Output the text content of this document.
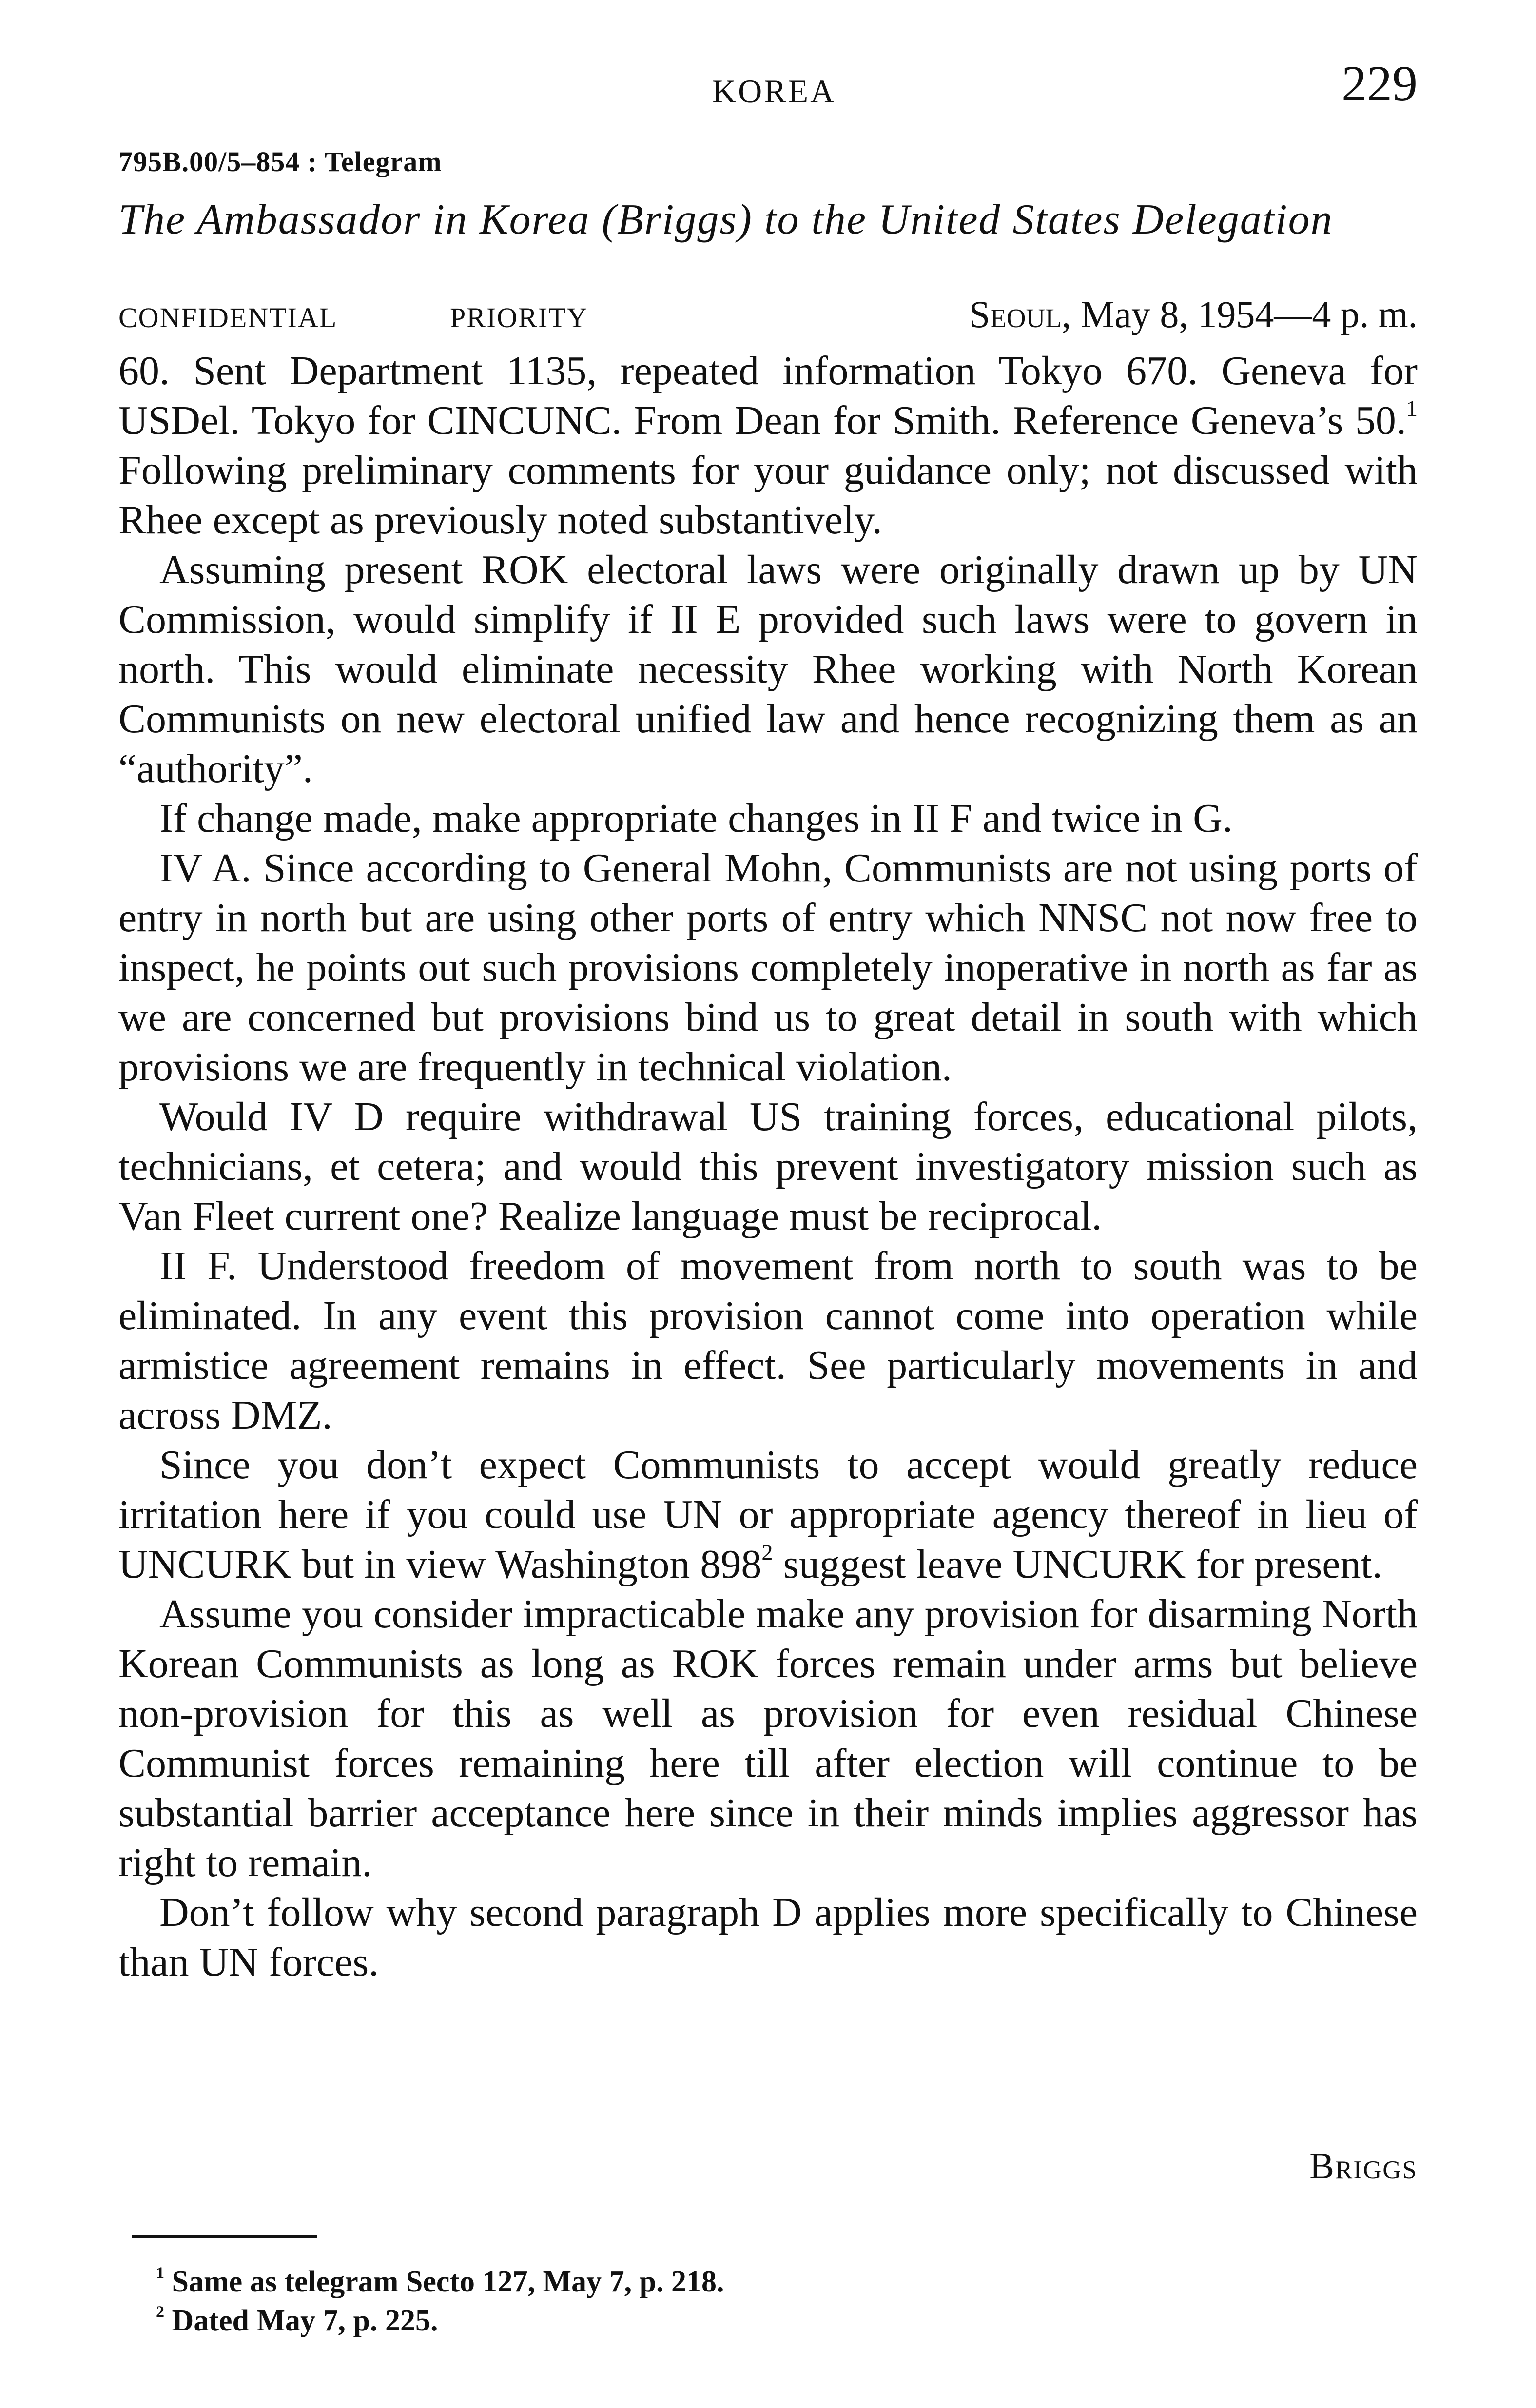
KOREA	229
795B.00/5–854 : Telegram
The Ambassador in Korea (Briggs) to the United States Delegation
CONFIDENTIAL	PRIORITY	Seoul, May 8, 1954—4 p. m.

60. Sent Department 1135, repeated information Tokyo 670. Geneva for USDel. Tokyo for CINCUNC. From Dean for Smith. Reference Geneva’s 50.$^1$ Following preliminary comments for your guidance only; not discussed with Rhee except as previously noted substantively.

Assuming present ROK electoral laws were originally drawn up by UN Commission, would simplify if II E provided such laws were to govern in north. This would eliminate necessity Rhee working with North Korean Communists on new electoral unified law and hence recognizing them as an “authority”.

If change made, make appropriate changes in II F and twice in G.

IV A. Since according to General Mohn, Communists are not using ports of entry in north but are using other ports of entry which NNSC not now free to inspect, he points out such provisions completely inoperative in north as far as we are concerned but provisions bind us to great detail in south with which provisions we are frequently in technical violation.

Would IV D require withdrawal US training forces, educational pilots, technicians, et cetera; and would this prevent investigatory mission such as Van Fleet current one? Realize language must be reciprocal.

II F. Understood freedom of movement from north to south was to be eliminated. In any event this provision cannot come into operation while armistice agreement remains in effect. See particularly movements in and across DMZ.

Since you don’t expect Communists to accept would greatly reduce irritation here if you could use UN or appropriate agency thereof in lieu of UNCURK but in view Washington $898^2$ suggest leave UNCURK for present.

Assume you consider impracticable make any provision for disarming North Korean Communists as long as ROK forces remain under arms but believe non-provision for this as well as provision for even residual Chinese Communist forces remaining here till after election will continue to be substantial barrier acceptance here since in their minds implies aggressor has right to remain.

Don’t follow why second paragraph D applies more specifically to Chinese than UN forces.

Briggs
$^1$ Same as telegram Secto 127, May 7, p. 218.
$^2$ Dated May 7, p. 225.
